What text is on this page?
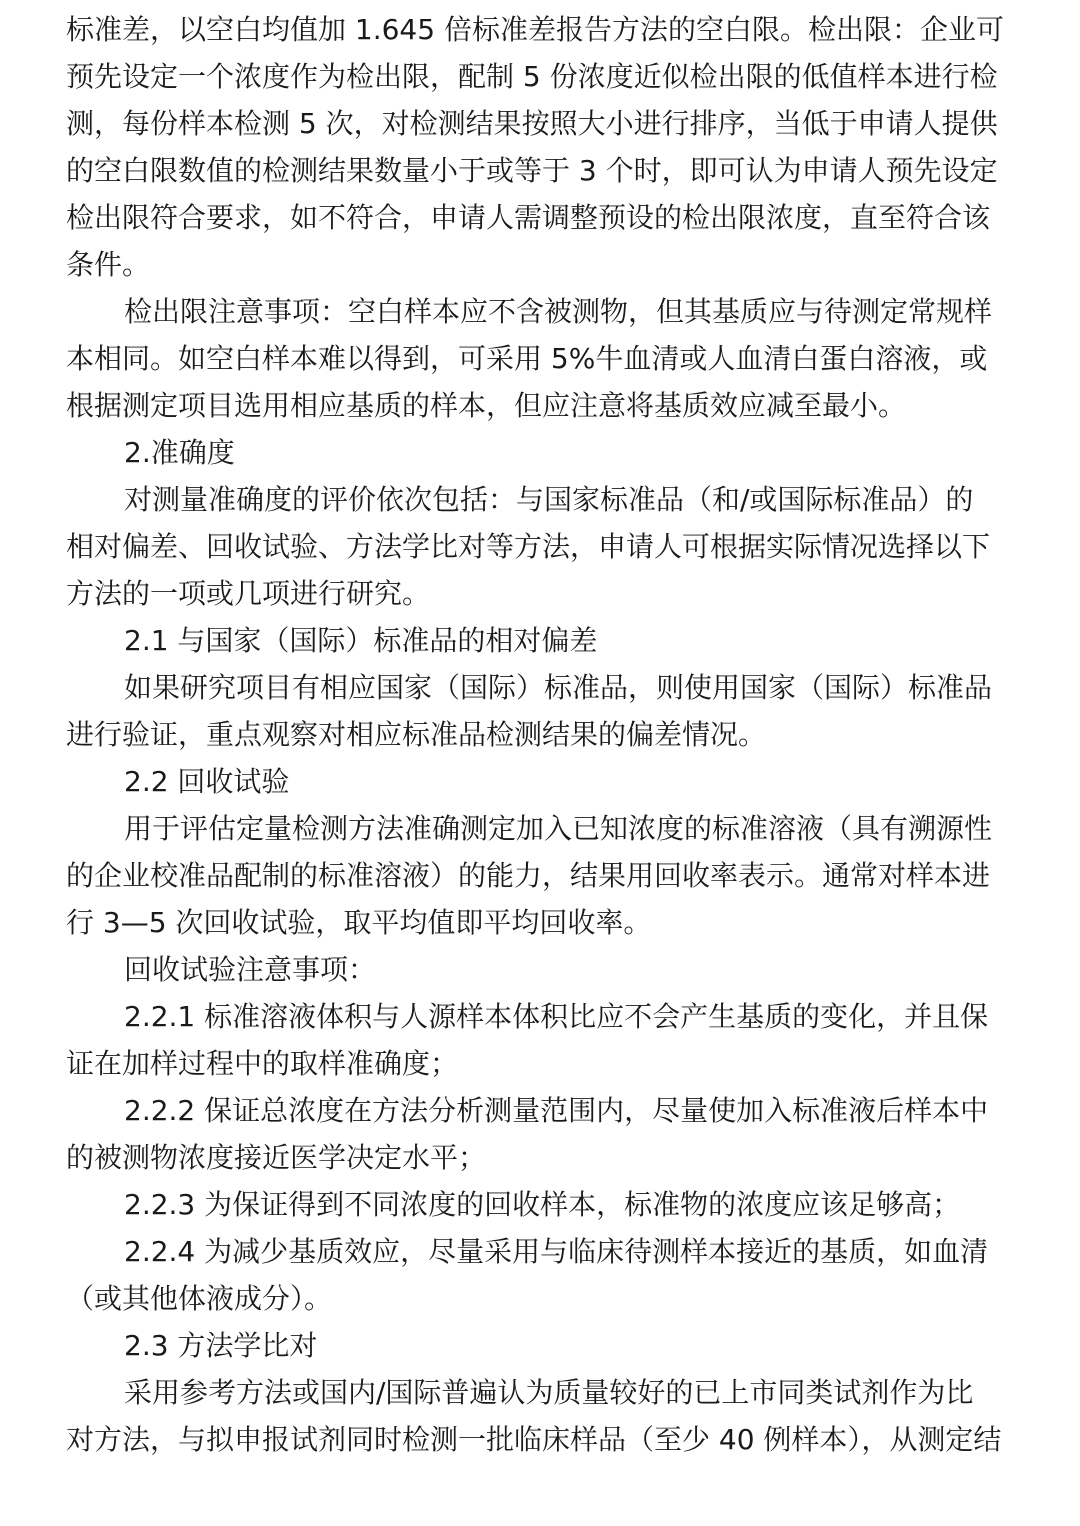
标准差，以空白均值加 1.645 倍标准差报告方法的空白限。检出限：企业可
预先设定一个浓度作为检出限，配制 5 份浓度近似检出限的低值样本进行检
测，每份样本检测 5 次，对检测结果按照大小进行排序，当低于申请人提供
的空白限数值的检测结果数量小于或等于 3 个时，即可认为申请人预先设定
检出限符合要求，如不符合，申请人需调整预设的检出限浓度，直至符合该
条件。
检出限注意事项：空白样本应不含被测物，但其基质应与待测定常规样
本相同。如空白样本难以得到，可采用 5%牛血清或人血清白蛋白溶液，或
根据测定项目选用相应基质的样本，但应注意将基质效应减至最小。
2.准确度
对测量准确度的评价依次包括：与国家标准品（和/或国际标准品）的
相对偏差、回收试验、方法学比对等方法，申请人可根据实际情况选择以下
方法的一项或几项进行研究。
2.1 与国家（国际）标准品的相对偏差
如果研究项目有相应国家（国际）标准品，则使用国家（国际）标准品
进行验证，重点观察对相应标准品检测结果的偏差情况。
2.2 回收试验
用于评估定量检测方法准确测定加入已知浓度的标准溶液（具有溯源性
的企业校准品配制的标准溶液）的能力，结果用回收率表示。通常对样本进
行 3—5 次回收试验，取平均值即平均回收率。
回收试验注意事项：
2.2.1 标准溶液体积与人源样本体积比应不会产生基质的变化，并且保
证在加样过程中的取样准确度；
2.2.2 保证总浓度在方法分析测量范围内，尽量使加入标准液后样本中
的被测物浓度接近医学决定水平；
2.2.3 为保证得到不同浓度的回收样本，标准物的浓度应该足够高；
2.2.4 为减少基质效应，尽量采用与临床待测样本接近的基质，如血清
（或其他体液成分）。
2.3 方法学比对
采用参考方法或国内/国际普遍认为质量较好的已上市同类试剂作为比
对方法，与拟申报试剂同时检测一批临床样品（至少 40 例样本），从测定结
